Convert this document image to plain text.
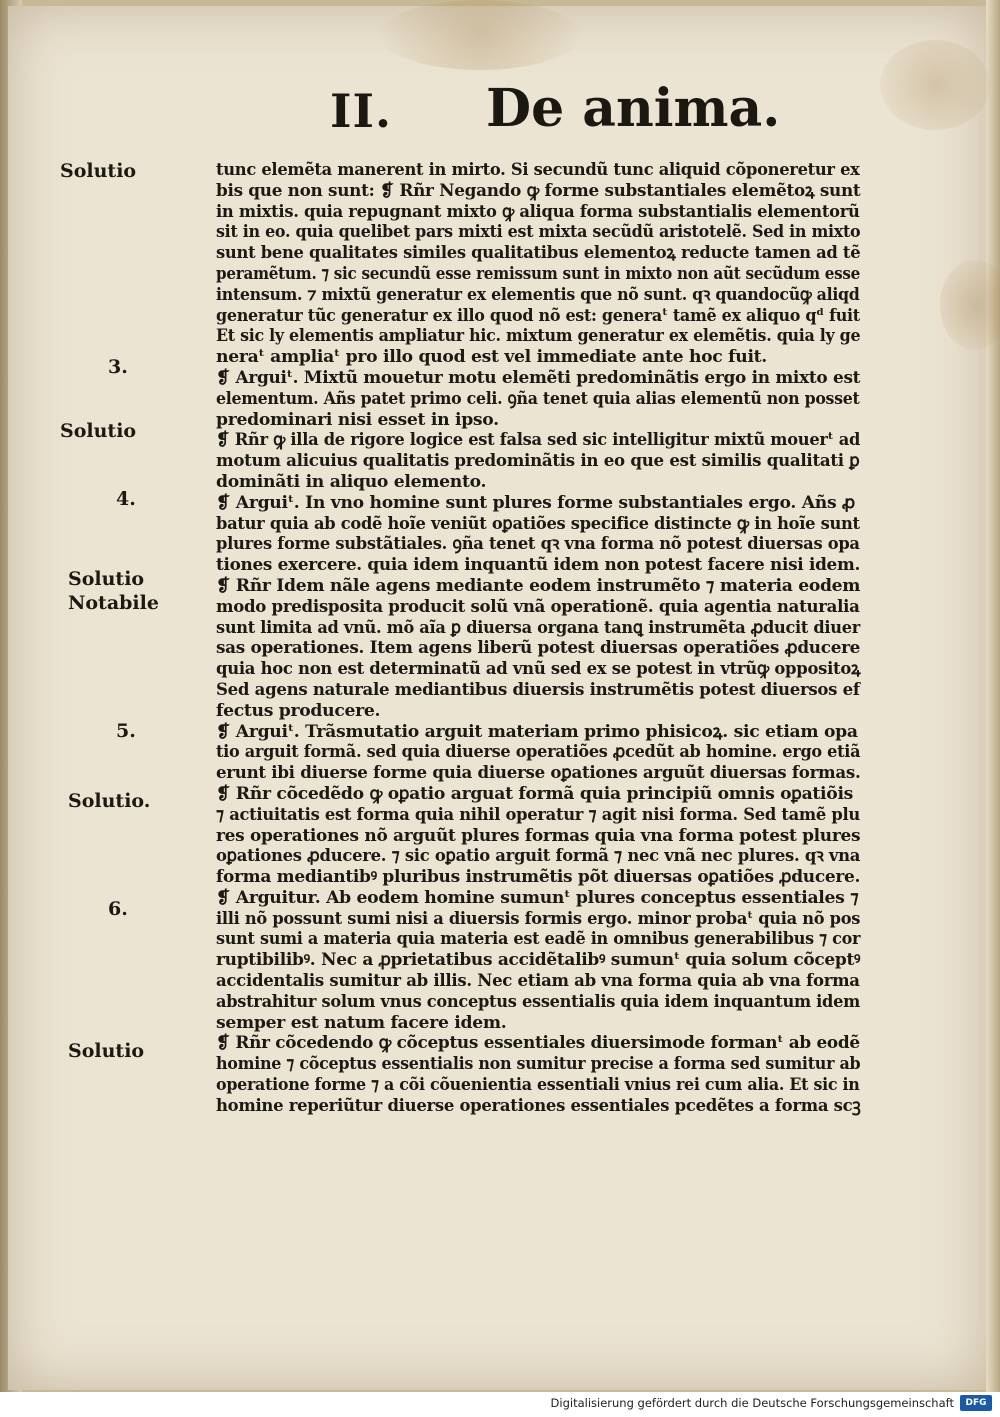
II. De anima.
Solutio
3.
Solutio
4.
Solutio
Notabile
5.
Solutio.
6.
Solutio
tunc elemẽta manerent in mirto. Si secundũ tunc aliquid cõponeretur ex
bis que non sunt: ❡ Rñr Negando ꝙ forme substantiales elemẽtoꝝ sunt
in mixtis. quia repugnant mixto ꝙ aliqua forma substantialis elementorũ
sit in eo. quia quelibet pars mixti est mixta secũdũ aristotelẽ. Sed in mixto
sunt bene qualitates similes qualitatibus elementoꝝ reducte tamen ad tẽ
peramẽtum. ⁊ sic secundũ esse remissum sunt in mixto non aũt secũdum esse
intensum. ⁊ mixtũ generatur ex elementis que nõ sunt. qꝛ quandocũꝙ aliqd
generatur tũc generatur ex illo quod nõ est: generaᵗ tamẽ ex aliquo qᵈ fuit
Et sic ly elementis ampliatur hic. mixtum generatur ex elemẽtis. quia ly ge
neraᵗ ampliaᵗ pro illo quod est vel immediate ante hoc fuit.
❡ Arguiᵗ. Mixtũ mouetur motu elemẽti predominãtis ergo in mixto est
elementum. Añs patet primo celi. ꝯña tenet quia alias elementũ non posset
predominari nisi esset in ipso.
❡ Rñr ꝙ illa de rigore logice est falsa sed sic intelligitur mixtũ mouerᵗ ad
motum alicuius qualitatis predominãtis in eo que est similis qualitati ꝑ
dominãti in aliquo elemento.
❡ Arguiᵗ. In vno homine sunt plures forme substantiales ergo. Añs ꝓ
batur quia ab codẽ hoĩe veniũt oꝑatiões specifice distincte ꝙ in hoĩe sunt
plures forme substãtiales. ꝯña tenet qꝛ vna forma nõ potest diuersas opa
tiones exercere. quia idem inquantũ idem non potest facere nisi idem.
❡ Rñr Idem nãle agens mediante eodem instrumẽto ⁊ materia eodem
modo predisposita producit solũ vnã operationẽ. quia agentia naturalia
sunt limita ad vnũ. mõ aĩa ꝑ diuersa organa tanꝗ instrumẽta ꝓducit diuer
sas operationes. Item agens liberũ potest diuersas operatiões ꝓducere
quia hoc non est determinatũ ad vnũ sed ex se potest in vtrũꝙ oppositoꝝ
Sed agens naturale mediantibus diuersis instrumẽtis potest diuersos ef
fectus producere.
❡ Arguiᵗ. Trãsmutatio arguit materiam primo phisicoꝝ. sic etiam opa
tio arguit formã. sed quia diuerse operatiões ꝓcedũt ab homine. ergo etiã
erunt ibi diuerse forme quia diuerse oꝑationes arguũt diuersas formas.
❡ Rñr cõcedẽdo ꝙ oꝑatio arguat formã quia principiũ omnis oꝑatiõis
⁊ actiuitatis est forma quia nihil operatur ⁊ agit nisi forma. Sed tamẽ plu
res operationes nõ arguũt plures formas quia vna forma potest plures
oꝑationes ꝓducere. ⁊ sic oꝑatio arguit formã ⁊ nec vnã nec plures. qꝛ vna
forma mediantibꝰ pluribus instrumẽtis põt diuersas oꝑatiões ꝓducere.
❡ Arguitur. Ab eodem homine sumunᵗ plures conceptus essentiales ⁊
illi nõ possunt sumi nisi a diuersis formis ergo. minor probaᵗ quia nõ pos
sunt sumi a materia quia materia est eadẽ in omnibus generabilibus ⁊ cor
ruptibilibꝰ. Nec a ꝓprietatibus accidẽtalibꝰ sumunᵗ quia solum cõceptꝰ
accidentalis sumitur ab illis. Nec etiam ab vna forma quia ab vna forma
abstrahitur solum vnus conceptus essentialis quia idem inquantum idem
semper est natum facere idem.
❡ Rñr cõcedendo ꝙ cõceptus essentiales diuersimode formanᵗ ab eodẽ
homine ⁊ cõceptus essentialis non sumitur precise a forma sed sumitur ab
operatione forme ⁊ a cõi cõuenientia essentiali vnius rei cum alia. Et sic in
homine reperiũtur diuerse operationes essentiales pcedẽtes a forma scꝫ
Digitalisierung gefördert durch die Deutsche Forschungsgemeinschaft	DFG
